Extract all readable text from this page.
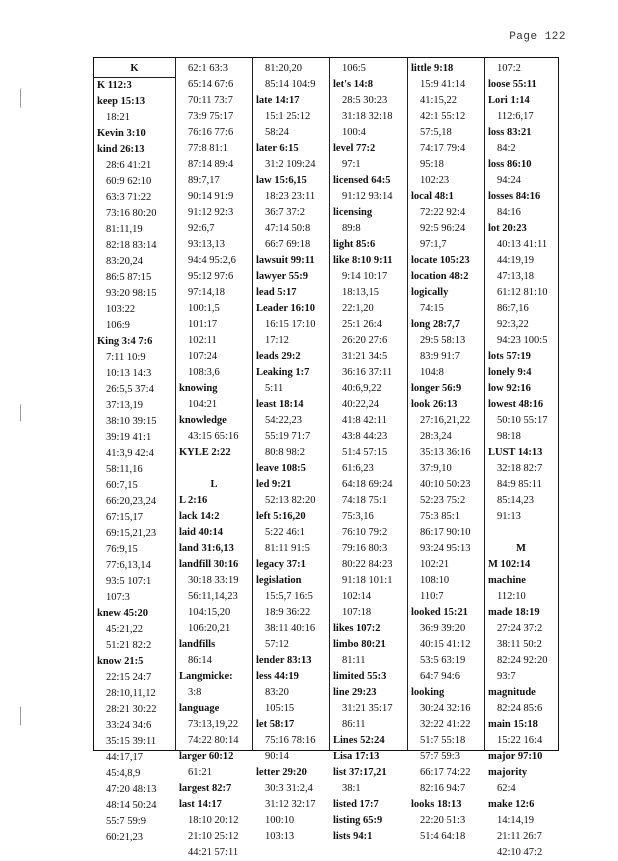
Page 122
K
K 112:3
keep 15:13
18:21
Kevin 3:10
kind 26:13
28:6 41:21
60:9 62:10
63:3 71:22
73:16 80:20
81:11,19
82:18 83:14
83:20,24
86:5 87:15
93:20 98:15
103:22
106:9
King 3:4 7:6
7:11 10:9
10:13 14:3
26:5,5 37:4
37:13,19
38:10 39:15
39:19 41:1
41:3,9 42:4
58:11,16
60:7,15
66:20,23,24
67:15,17
69:15,21,23
76:9,15
77:6,13,14
93:5 107:1
107:3
knew 45:20
45:21,22
51:21 82:2
know 21:5
22:15 24:7
28:10,11,12
28:21 30:22
33:24 34:6
35:15 39:11
44:17,17
45:4,8,9
47:20 48:13
48:14 50:24
55:7 59:9
60:21,23
62:1 63:3
65:14 67:6
70:11 73:7
73:9 75:17
76:16 77:6
77:8 81:1
87:14 89:4
89:7,17
90:14 91:9
91:12 92:3
92:6,7
93:13,13
94:4 95:2,6
95:12 97:6
97:14,18
100:1,5
101:17
102:11
107:24
108:3,6
knowing
104:21
knowledge
43:15 65:16
KYLE 2:22
L
L 2:16
lack 14:2
laid 40:14
land 31:6,13
landfill 30:16
30:18 33:19
56:11,14,23
104:15,20
106:20,21
landfills
86:14
Langmicke:
3:8
language
73:13,19,22
74:22 80:14
larger 60:12
61:21
largest 82:7
last 14:17
18:10 20:12
21:10 25:12
44:21 57:11
81:20,20
85:14 104:9
late 14:17
15:1 25:12
58:24
later 6:15
31:2 109:24
law 15:6,15
18:23 23:11
36:7 37:2
47:14 50:8
66:7 69:18
lawsuit 99:11
lawyer 55:9
lead 5:17
Leader 16:10
16:15 17:10
17:12
leads 29:2
Leaking 1:7
5:11
least 18:14
54:22,23
55:19 71:7
80:8 98:2
leave 108:5
led 9:21
52:13 82:20
left 5:16,20
5:22 46:1
81:11 91:5
legacy 37:1
legislation
15:5,7 16:5
18:9 36:22
38:11 40:16
57:12
lender 83:13
less 44:19
83:20
105:15
let 58:17
75:16 78:16
90:14
letter 29:20
30:3 31:2,4
31:12 32:17
100:10
103:13
106:5
let's 14:8
28:5 30:23
31:18 32:18
100:4
level 77:2
97:1
licensed 64:5
91:12 93:14
licensing
89:8
light 85:6
like 8:10 9:11
9:14 10:17
18:13,15
22:1,20
25:1 26:4
26:20 27:6
31:21 34:5
36:16 37:11
40:6,9,22
40:22,24
41:8 42:11
43:8 44:23
51:4 57:15
61:6,23
64:18 69:24
74:18 75:1
75:3,16
76:10 79:2
79:16 80:3
80:22 84:23
91:18 101:1
102:14
107:18
likes 107:2
limbo 80:21
81:11
limited 55:3
line 29:23
31:21 35:17
86:11
Lines 52:24
Lisa 17:13
list 37:17,21
38:1
listed 17:7
listing 65:9
lists 94:1
little 9:18
15:9 41:14
41:15,22
42:1 55:12
57:5,18
74:17 79:4
95:18
102:23
local 48:1
72:22 92:4
92:5 96:24
97:1,7
locate 105:23
location 48:2
logically
74:15
long 28:7,7
29:5 58:13
83:9 91:7
104:8
longer 56:9
look 26:13
27:16,21,22
28:3,24
35:13 36:16
37:9,10
40:10 50:23
52:23 75:2
75:3 85:1
86:17 90:10
93:24 95:13
102:21
108:10
110:7
looked 15:21
36:9 39:20
40:15 41:12
53:5 63:19
64:7 94:6
looking
30:24 32:16
32:22 41:22
51:7 55:18
57:7 59:3
66:17 74:22
82:16 94:7
looks 18:13
22:20 51:3
51:4 64:18
107:2
loose 55:11
Lori 1:14
112:6,17
loss 83:21
84:2
loss 86:10
94:24
losses 84:16
84:16
lot 20:23
40:13 41:11
44:19,19
47:13,18
61:12 81:10
86:7,16
92:3,22
94:23 100:5
lots 57:19
lonely 9:4
low 92:16
lowest 48:16
50:10 55:17
98:18
LUST 14:13
32:18 82:7
84:9 85:11
85:14,23
91:13
M
M 102:14
machine
112:10
made 18:19
27:24 37:2
38:11 50:2
82:24 92:20
93:7
magnitude
82:24 85:6
main 15:18
15:22 16:4
major 97:10
majority
62:4
make 12:6
14:14,19
21:11 26:7
42:10 47:2
